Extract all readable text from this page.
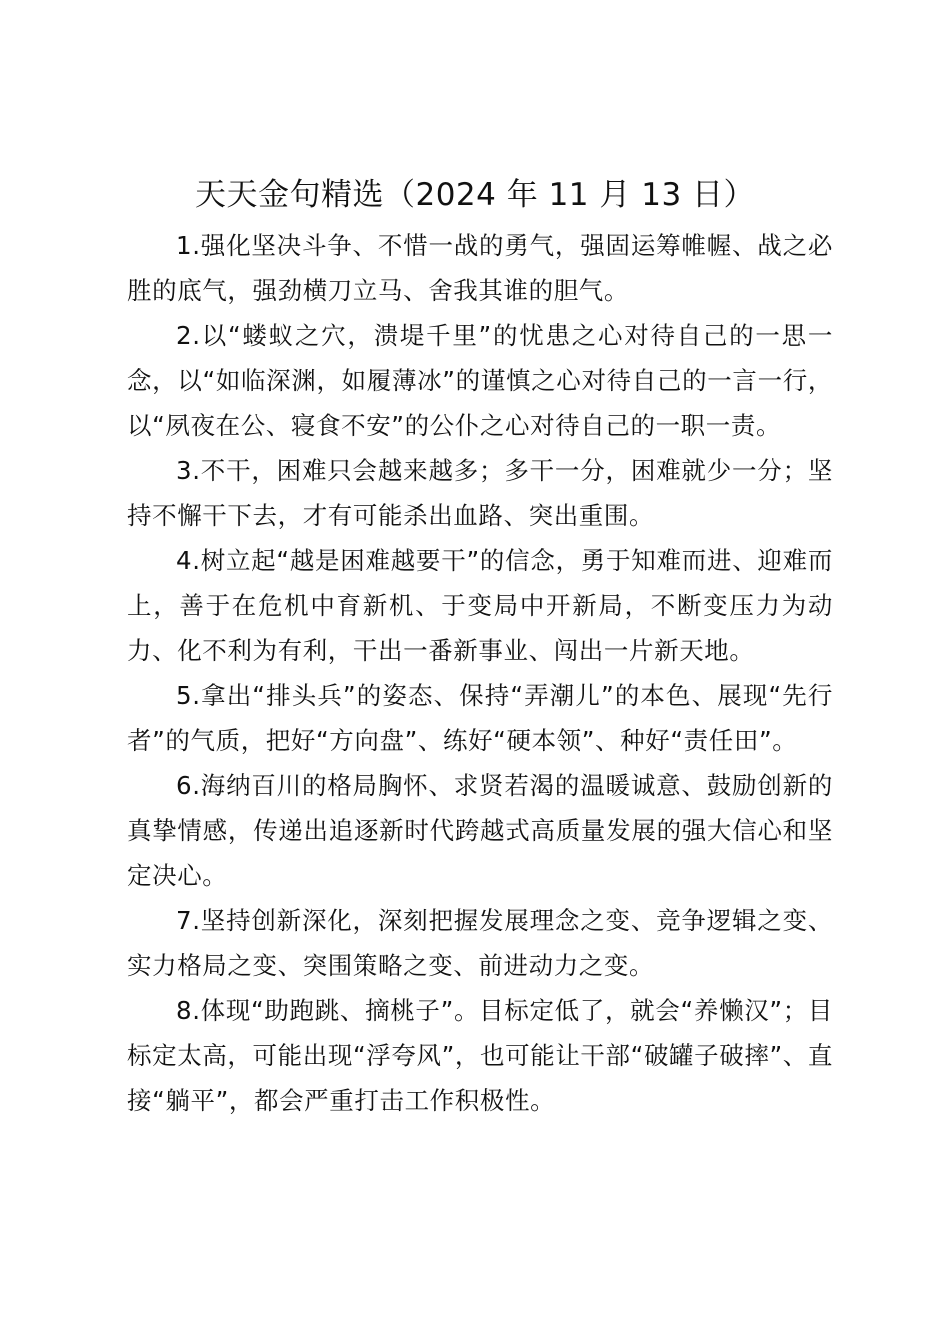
天天金句精选（2024 年 11 月 13 日）

1.强化坚决斗争、不惜一战的勇气，强固运筹帷幄、战之必胜的底气，强劲横刀立马、舍我其谁的胆气。

2.以“蝼蚁之穴，溃堤千里”的忧患之心对待自己的一思一念，以“如临深渊，如履薄冰”的谨慎之心对待自己的一言一行，以“夙夜在公、寝食不安”的公仆之心对待自己的一职一责。

3.不干，困难只会越来越多；多干一分，困难就少一分；坚持不懈干下去，才有可能杀出血路、突出重围。

4.树立起“越是困难越要干”的信念，勇于知难而进、迎难而上，善于在危机中育新机、于变局中开新局，不断变压力为动力、化不利为有利，干出一番新事业、闯出一片新天地。

5.拿出“排头兵”的姿态、保持“弄潮儿”的本色、展现“先行者”的气质，把好“方向盘”、练好“硬本领”、种好“责任田”。

6.海纳百川的格局胸怀、求贤若渴的温暖诚意、鼓励创新的真挚情感，传递出追逐新时代跨越式高质量发展的强大信心和坚定决心。

7.坚持创新深化，深刻把握发展理念之变、竞争逻辑之变、实力格局之变、突围策略之变、前进动力之变。

8.体现“助跑跳、摘桃子”。目标定低了，就会“养懒汉”；目标定太高，可能出现“浮夸风”，也可能让干部“破罐子破摔”、直接“躺平”，都会严重打击工作积极性。
